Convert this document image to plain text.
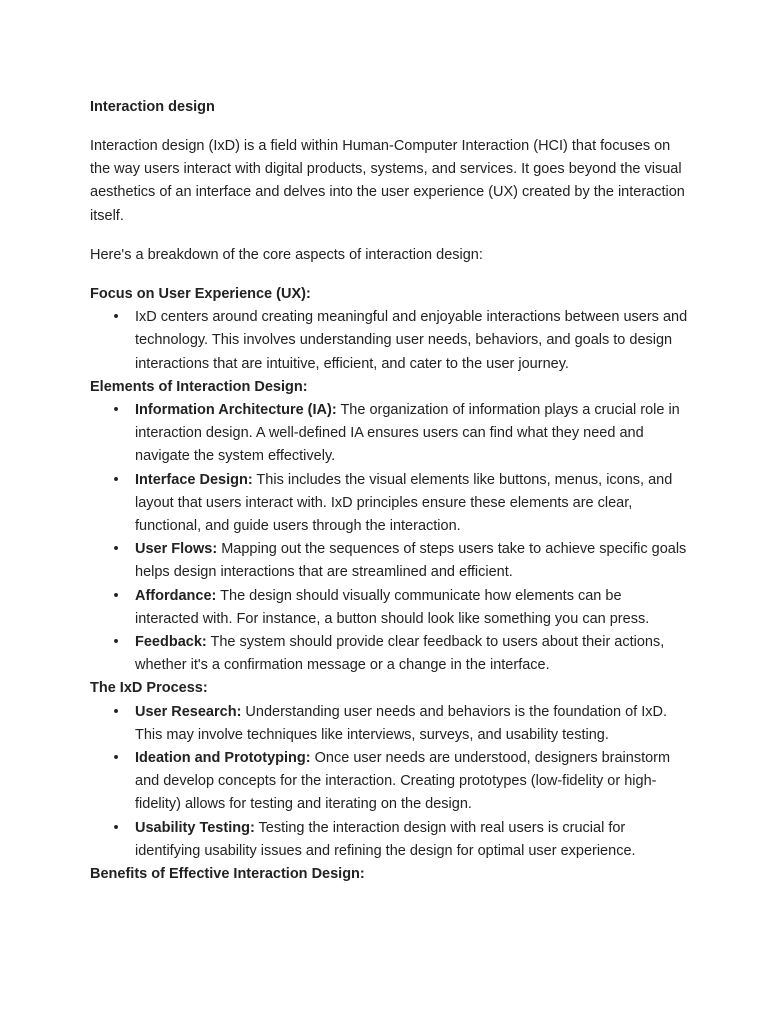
Interaction design

Interaction design (IxD) is a field within Human-Computer Interaction (HCI) that focuses on the way users interact with digital products, systems, and services. It goes beyond the visual aesthetics of an interface and delves into the user experience (UX) created by the interaction itself.

Here's a breakdown of the core aspects of interaction design:

Focus on User Experience (UX):
• IxD centers around creating meaningful and enjoyable interactions between users and technology. This involves understanding user needs, behaviors, and goals to design interactions that are intuitive, efficient, and cater to the user journey.
Elements of Interaction Design:
• Information Architecture (IA): The organization of information plays a crucial role in interaction design. A well-defined IA ensures users can find what they need and navigate the system effectively.
• Interface Design: This includes the visual elements like buttons, menus, icons, and layout that users interact with. IxD principles ensure these elements are clear, functional, and guide users through the interaction.
• User Flows: Mapping out the sequences of steps users take to achieve specific goals helps design interactions that are streamlined and efficient.
• Affordance: The design should visually communicate how elements can be interacted with. For instance, a button should look like something you can press.
• Feedback: The system should provide clear feedback to users about their actions, whether it's a confirmation message or a change in the interface.
The IxD Process:
• User Research: Understanding user needs and behaviors is the foundation of IxD. This may involve techniques like interviews, surveys, and usability testing.
• Ideation and Prototyping: Once user needs are understood, designers brainstorm and develop concepts for the interaction. Creating prototypes (low-fidelity or high-fidelity) allows for testing and iterating on the design.
• Usability Testing: Testing the interaction design with real users is crucial for identifying usability issues and refining the design for optimal user experience.
Benefits of Effective Interaction Design:
